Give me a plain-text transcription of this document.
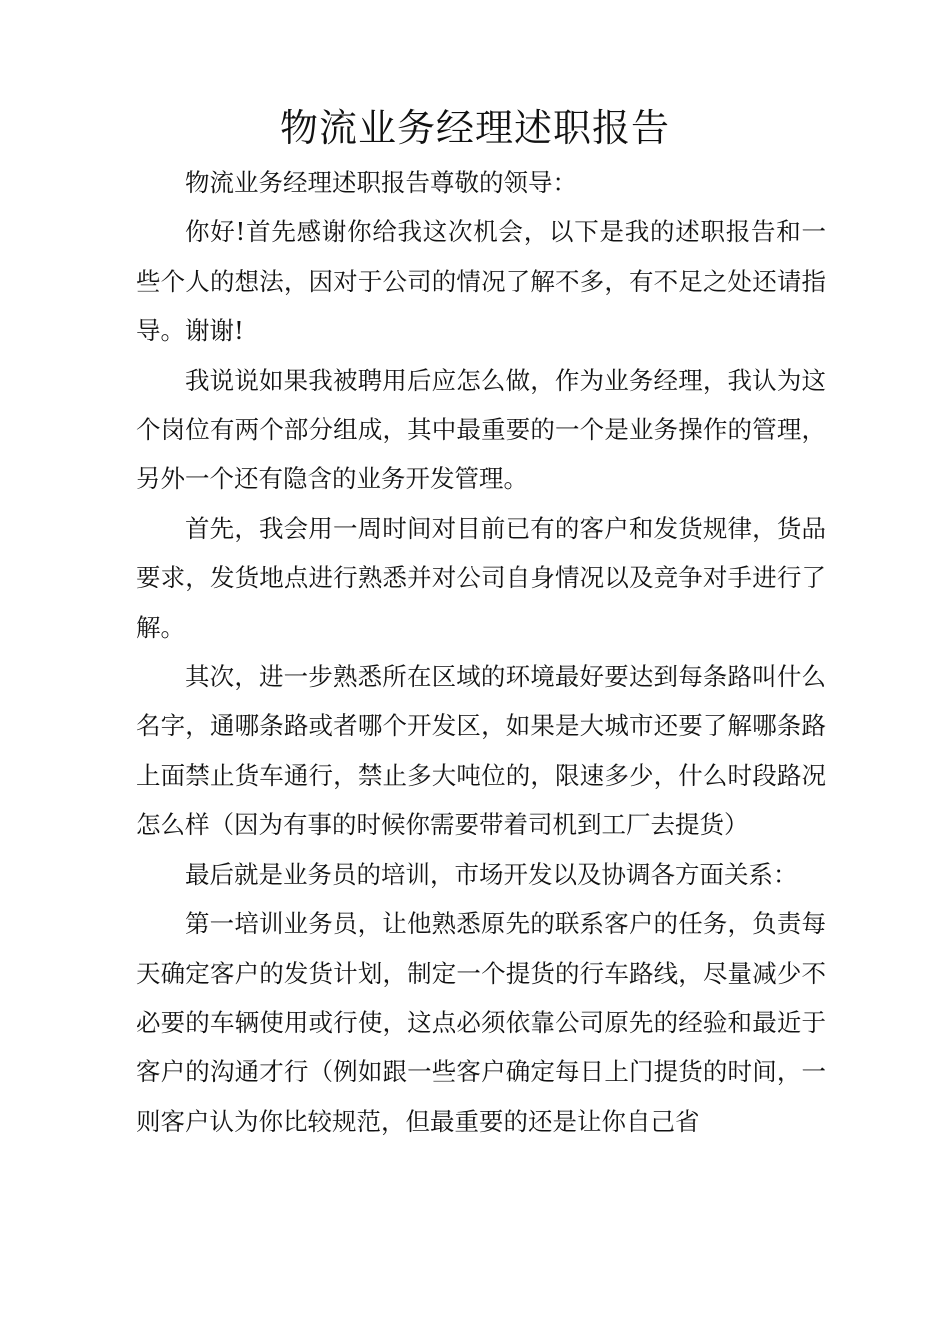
物流业务经理述职报告

物流业务经理述职报告尊敬的领导：

你好!首先感谢你给我这次机会，以下是我的述职报告和一些个人的想法，因对于公司的情况了解不多，有不足之处还请指导。谢谢!

我说说如果我被聘用后应怎么做，作为业务经理，我认为这个岗位有两个部分组成，其中最重要的一个是业务操作的管理，另外一个还有隐含的业务开发管理。

首先，我会用一周时间对目前已有的客户和发货规律，货品要求，发货地点进行熟悉并对公司自身情况以及竞争对手进行了解。

其次，进一步熟悉所在区域的环境最好要达到每条路叫什么名字，通哪条路或者哪个开发区，如果是大城市还要了解哪条路上面禁止货车通行，禁止多大吨位的，限速多少，什么时段路况怎么样（因为有事的时候你需要带着司机到工厂去提货）

最后就是业务员的培训，市场开发以及协调各方面关系：

第一培训业务员，让他熟悉原先的联系客户的任务，负责每天确定客户的发货计划，制定一个提货的行车路线，尽量减少不必要的车辆使用或行使，这点必须依靠公司原先的经验和最近于客户的沟通才行（例如跟一些客户确定每日上门提货的时间，一则客户认为你比较规范，但最重要的还是让你自己省
